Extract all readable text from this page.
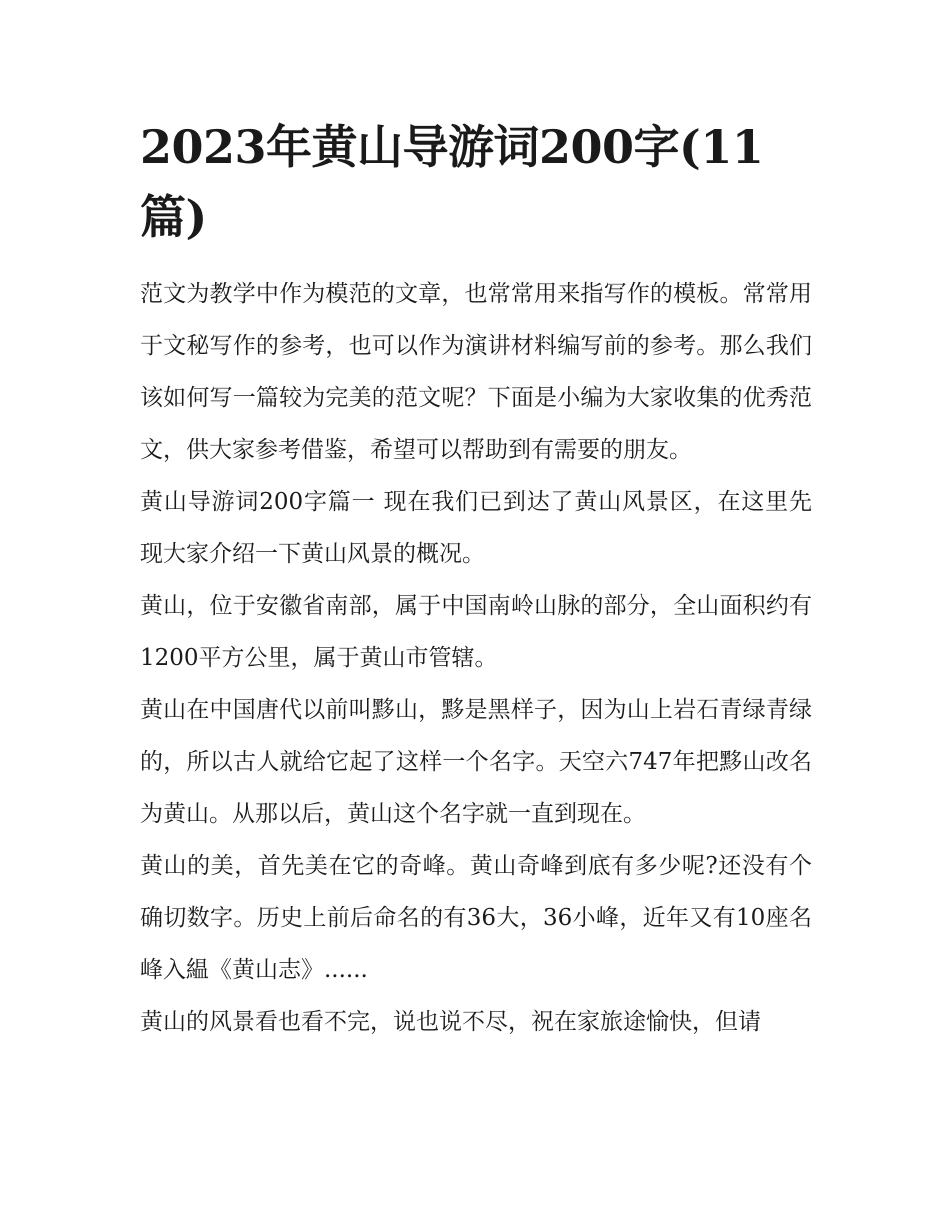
2023年黄山导游词200字(11篇)

范文为教学中作为模范的文章，也常常用来指写作的模板。常常用于文秘写作的参考，也可以作为演讲材料编写前的参考。那么我们该如何写一篇较为完美的范文呢？下面是小编为大家收集的优秀范文，供大家参考借鉴，希望可以帮助到有需要的朋友。

黄山导游词200字篇一 现在我们已到达了黄山风景区，在这里先现大家介绍一下黄山风景的概况。

黄山，位于安徽省南部，属于中国南岭山脉的部分，全山面积约有1200平方公里，属于黄山市管辖。

黄山在中国唐代以前叫黟山，黟是黑样子，因为山上岩石青绿青绿的，所以古人就给它起了这样一个名字。天空六747年把黟山改名为黄山。从那以后，黄山这个名字就一直到现在。

黄山的美，首先美在它的奇峰。黄山奇峰到底有多少呢?还没有个确切数字。历史上前后命名的有36大，36小峰，近年又有10座名峰入緼《黄山志》......

黄山的风景看也看不完，说也说不尽，祝在家旅途愉快，但请
